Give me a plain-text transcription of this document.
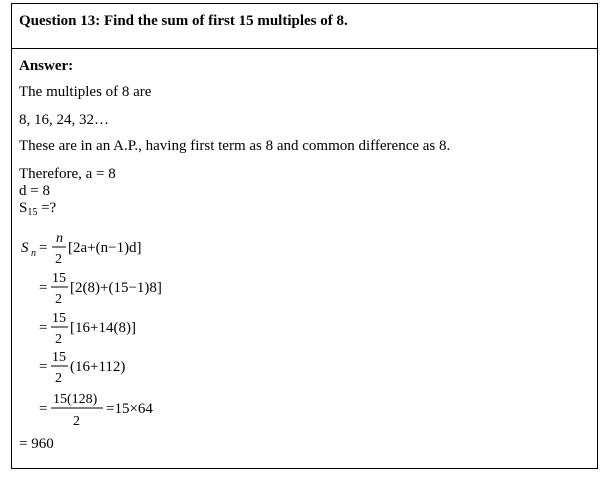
Question 13: Find the sum of first 15 multiples of 8.
Answer:
The multiples of 8 are
8, 16, 24, 32…
These are in an A.P., having first term as 8 and common difference as 8.
Therefore, a = 8
d = 8
$S_{15}$ =?
S n =
n
2
[2a+(n−1)d]
=
15
2
[2(8)+(15−1)8]
=
15
2
[16+14(8)]
=
15
2
(16+112)
=
15(128)
2
=15×64
= 960
